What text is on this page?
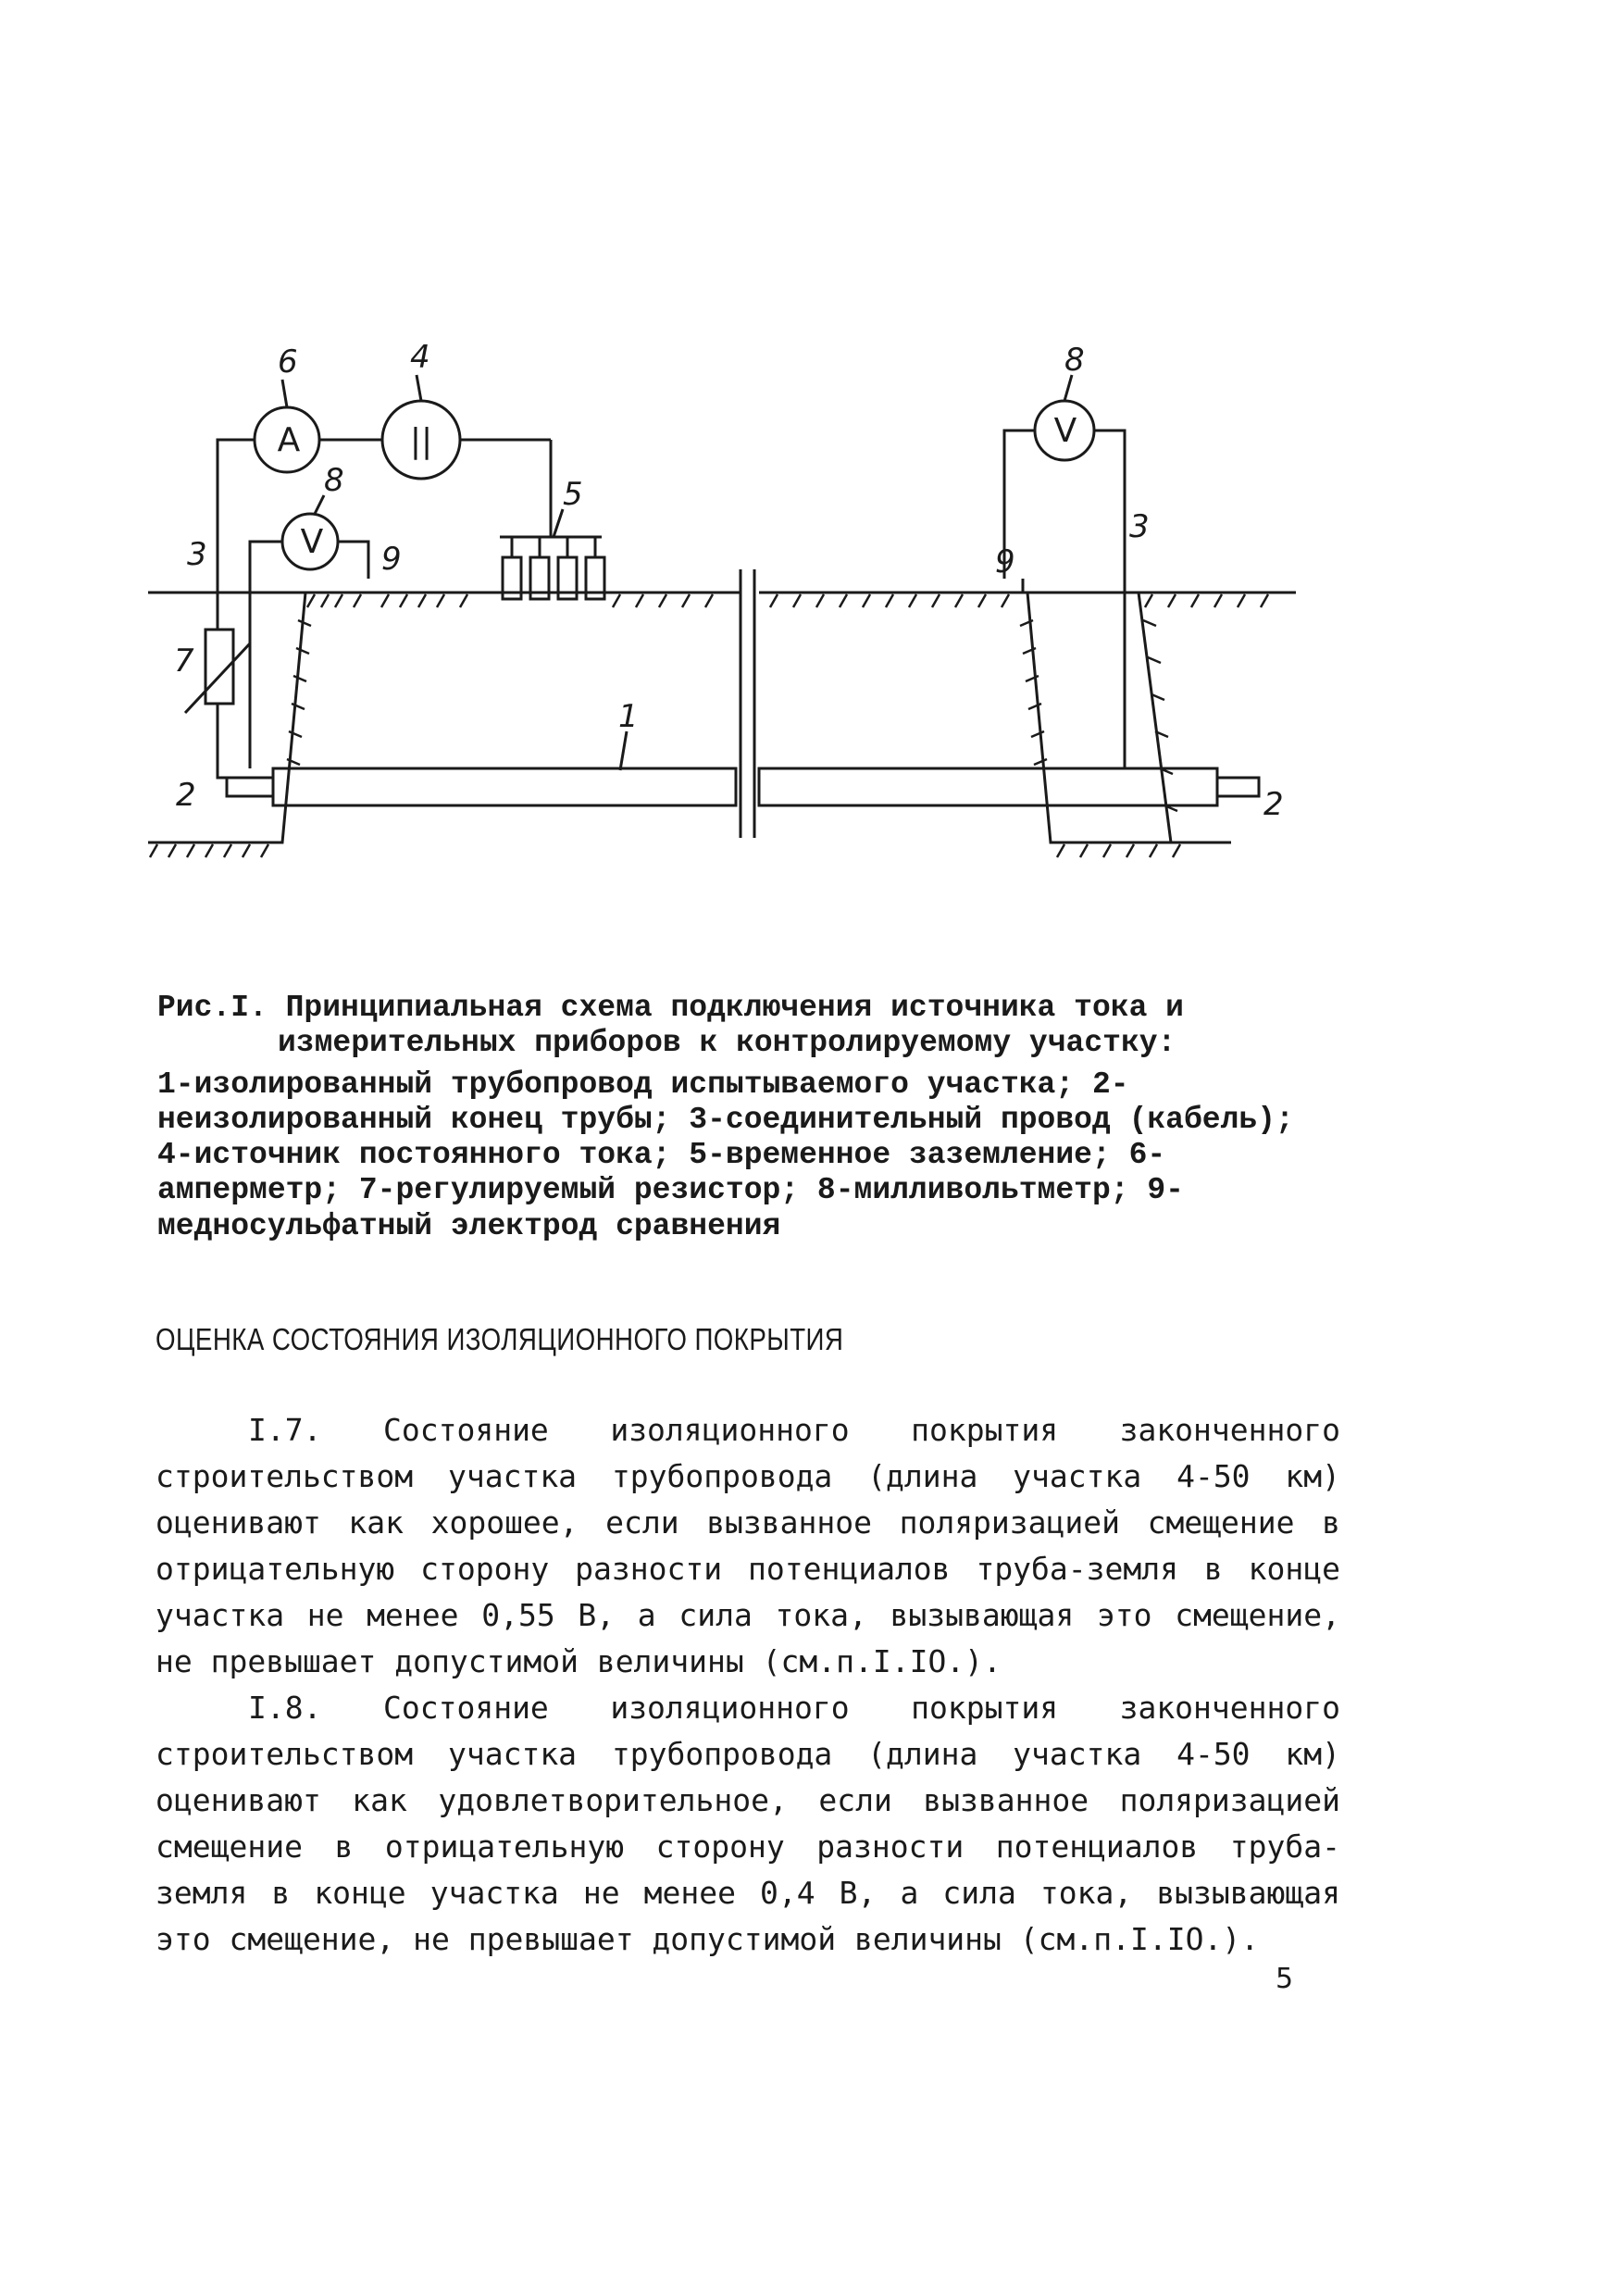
A	||
V
V
6	4
8	5
8
3
3
9	9
7
1
2	2
Рис.I. Принципиальная схема подключения источника тока и измерительных приборов к контролируемому участку:
1-изолированный трубопровод испытываемого участка; 2-неизолированный конец трубы; 3-соединительный провод (кабель); 4-источник постоянного тока; 5-временное заземление; 6-амперметр; 7-регулируемый резистор; 8-милливольтметр; 9-медносульфатный электрод сравнения
ОЦЕНКА СОСТОЯНИЯ ИЗОЛЯЦИОННОГО ПОКРЫТИЯ

I.7. Состояние изоляционного покрытия законченного строительством участка трубопровода (длина участка 4-50 км) оценивают как хорошее, если вызванное поляризацией смещение в отрицательную сторону разности потенциалов труба-земля в конце участка не менее 0,55 В, а сила тока, вызывающая это смещение, не превышает допустимой величины (см.п.I.IO.).

I.8. Состояние изоляционного покрытия законченного строительством участка трубопровода (длина участка 4-50 км) оценивают как удовлетворительное, если вызванное поляризацией смещение в отрицательную сторону разности потенциалов труба-земля в конце участка не менее 0,4 В, а сила тока, вызывающая это смещение, не превышает допустимой величины (см.п.I.IO.).

5
